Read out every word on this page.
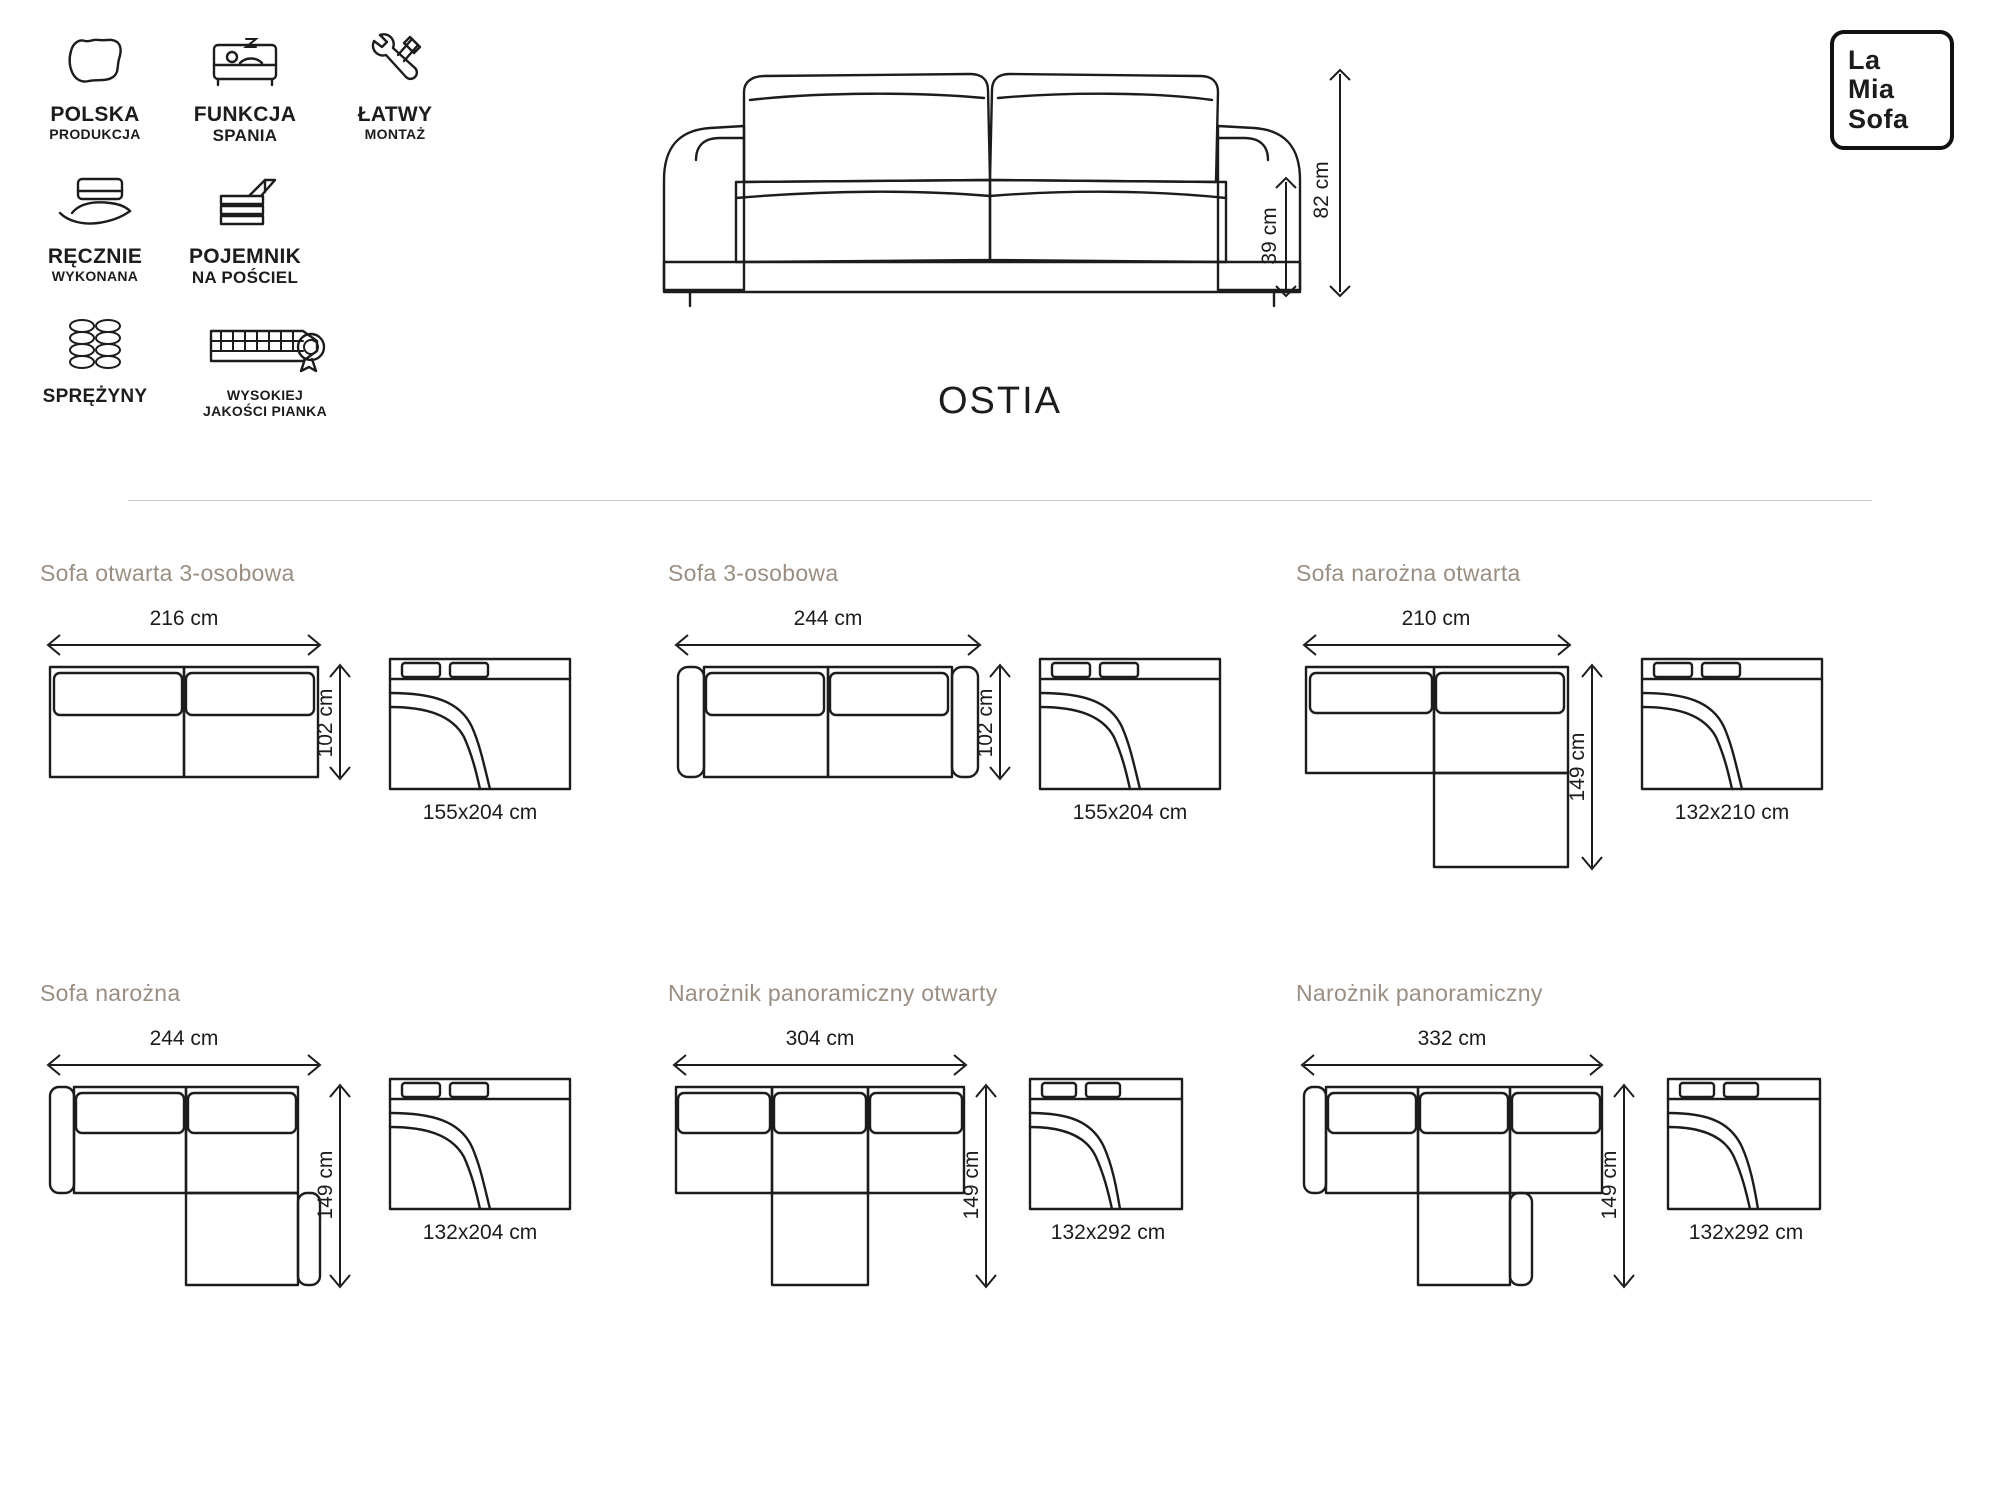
POLSKA
PRODUKCJA
FUNKCJA
SPANIA
ŁATWY
MONTAŻ
RĘCZNIE
WYKONANA
POJEMNIK
NA POŚCIEL
SPRĘŻYNY	WYSOKIEJ
JAKOŚCI PIANKA
La
Mia
Sofa
82 cm
39 cm
OSTIA
Sofa otwarta 3-osobowa
216 cm
102 cm
155x204 cm
Sofa 3-osobowa
244 cm
102 cm
155x204 cm
Sofa narożna otwarta
210 cm
149 cm
132x210 cm
Sofa narożna
244 cm
149 cm
132x204 cm
Narożnik panoramiczny otwarty
304 cm
149 cm
132x292 cm
Narożnik panoramiczny
332 cm
149 cm
132x292 cm
